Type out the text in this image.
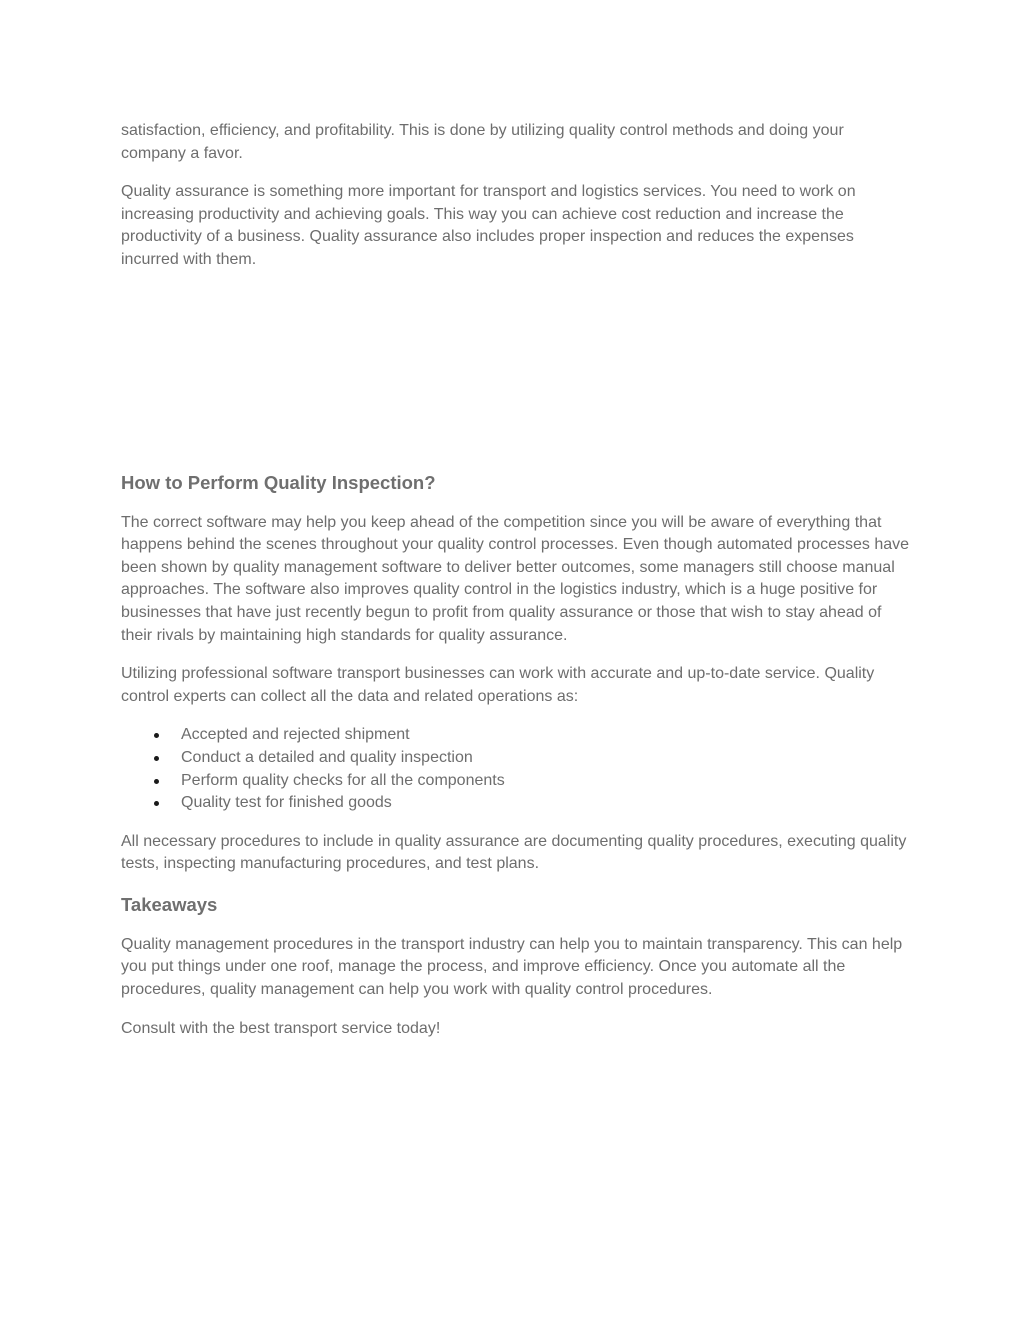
satisfaction, efficiency, and profitability. This is done by utilizing quality control methods and doing your company a favor.

Quality assurance is something more important for transport and logistics services. You need to work on increasing productivity and achieving goals. This way you can achieve cost reduction and increase the productivity of a business. Quality assurance also includes proper inspection and reduces the expenses incurred with them.

How to Perform Quality Inspection?

The correct software may help you keep ahead of the competition since you will be aware of everything that happens behind the scenes throughout your quality control processes. Even though automated processes have been shown by quality management software to deliver better outcomes, some managers still choose manual approaches. The software also improves quality control in the logistics industry, which is a huge positive for businesses that have just recently begun to profit from quality assurance or those that wish to stay ahead of their rivals by maintaining high standards for quality assurance.

Utilizing professional software transport businesses can work with accurate and up-to-date service. Quality control experts can collect all the data and related operations as:

Accepted and rejected shipment
Conduct a detailed and quality inspection
Perform quality checks for all the components
Quality test for finished goods

All necessary procedures to include in quality assurance are documenting quality procedures, executing quality tests, inspecting manufacturing procedures, and test plans.

Takeaways

Quality management procedures in the transport industry can help you to maintain transparency. This can help you put things under one roof, manage the process, and improve efficiency. Once you automate all the procedures, quality management can help you work with quality control procedures.

Consult with the best transport service today!
